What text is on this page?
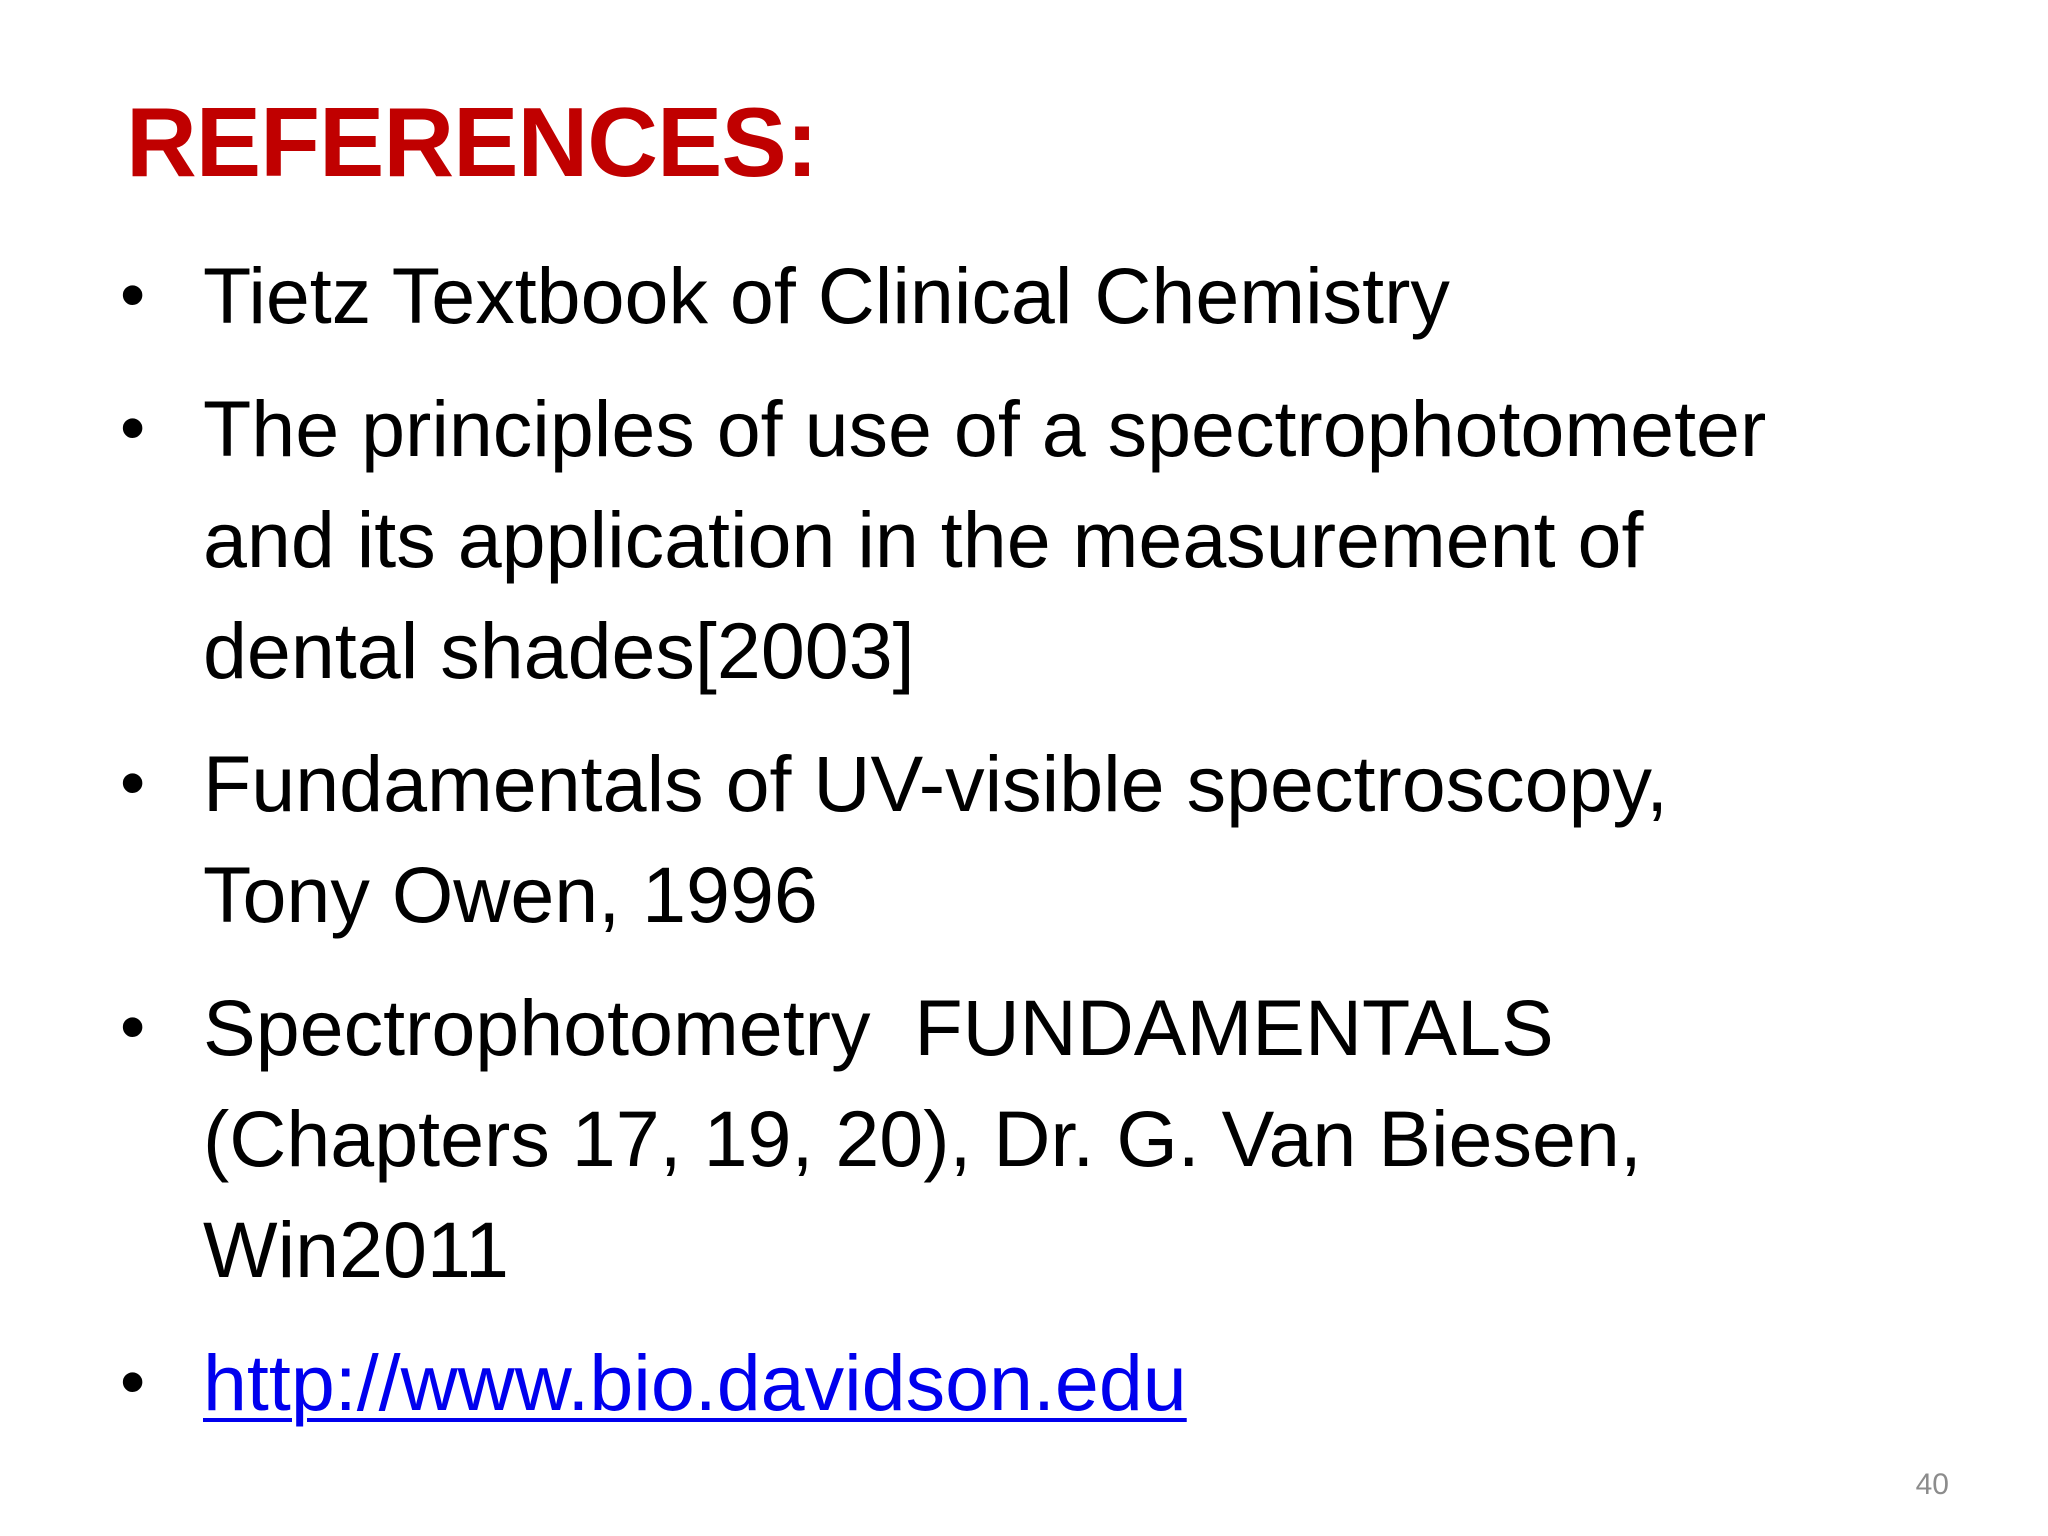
REFERENCES:
• Tietz Textbook of Clinical Chemistry
• The principles of use of a spectrophotometer
and its application in the measurement of
dental shades[2003]
• Fundamentals of UV-visible spectroscopy,
Tony Owen, 1996
• Spectrophotometry  FUNDAMENTALS
(Chapters 17, 19, 20), Dr. G. Van Biesen,
Win2011
• http://www.bio.davidson.edu
40
